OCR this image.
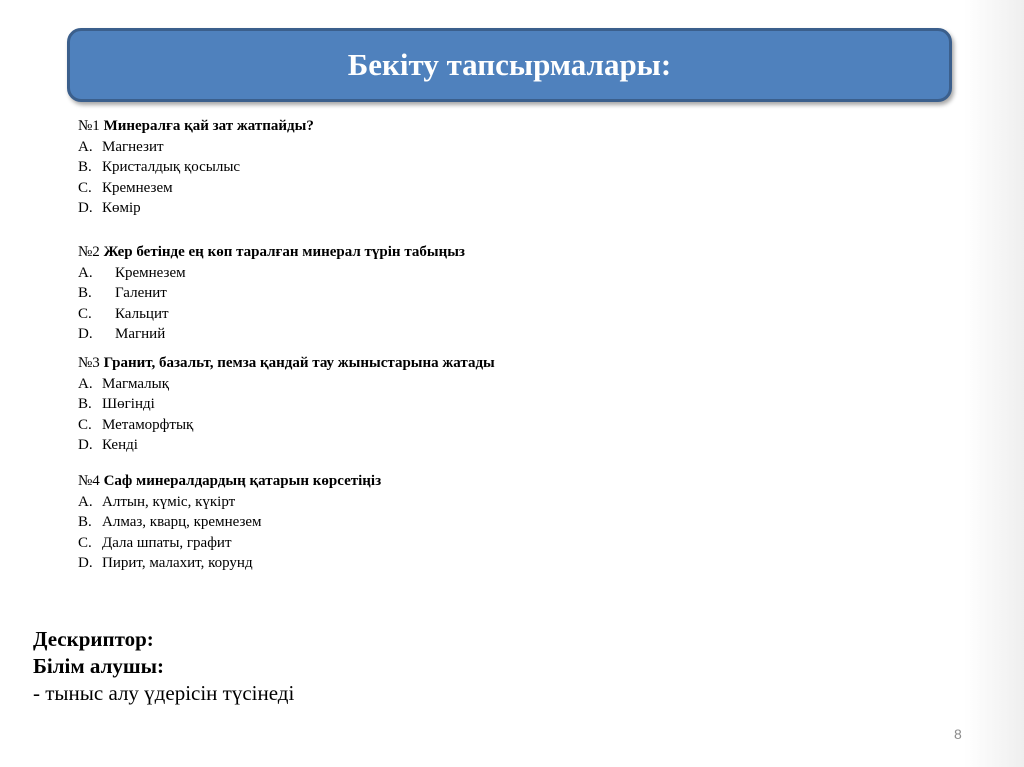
Бекіту тапсырмалары:
№1 Минералға қай зат жатпайды?
A. Магнезит
B. Кристалдық қосылыс
C. Кремнезем
D. Көмір
№2 Жер бетінде ең көп таралған минерал түрін табыңыз
A.	Кремнезем
B.	Галенит
C.	Кальцит
D.	Магний
№3 Гранит, базальт, пемза қандай тау жыныстарына жатады
A. Магмалық
B. Шөгінді
C. Метаморфтық
D. Кенді
№4 Саф минералдардың қатарын көрсетіңіз
A. Алтын, күміс, күкірт
B. Алмаз, кварц, кремнезем
C. Дала шпаты, графит
D. Пирит, малахит, корунд
Дескриптор:
Білім алушы:
- тыныс алу үдерісін түсінеді
8
